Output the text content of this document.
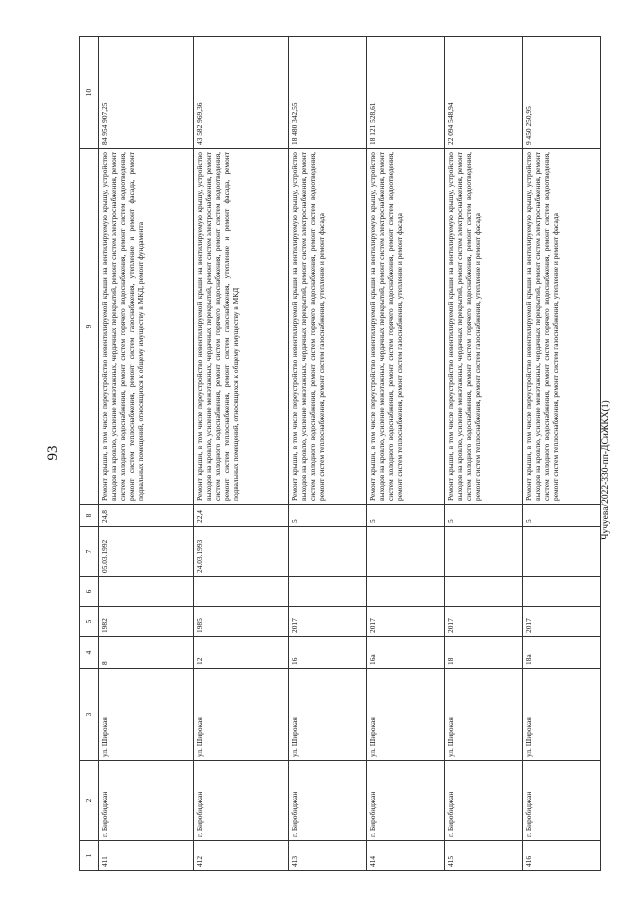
93	Чучуева/2022-330-пп-ДСиЖКХ(1)
1	2	3	4	5	6	7	8	9	10
411	г. Биробиджан	ул. Широкая	8	1982		05.03.1992	24,8	Ремонт крыши, в том числе переустройство невентилируемой крыши на вентилируемую крышу, устройство выходов на кровлю, усиление межэтажных, чердачных перекрытий, ремонт систем электроснабжения, ремонт систем холодного водоснабжения, ремонт систем горячего водоснабжения, ремонт систем водоотведения, ремонт систем теплоснабжения, ремонт систем газоснабжения, утепление и ремонт фасада, ремонт подвальных помещений, относящихся к общему имуществу в МКД, ремонт фундамента	84 954 907,25
412	г. Биробиджан	ул. Широкая	12	1985		24.03.1993	22,4	Ремонт крыши, в том числе переустройство невентилируемой крыши на вентилируемую крышу, устройство выходов на кровлю, усиление межэтажных, чердачных перекрытий, ремонт систем электроснабжения, ремонт систем холодного водоснабжения, ремонт систем горячего водоснабжения, ремонт систем водоотведения, ремонт систем теплоснабжения, ремонт систем газоснабжения, утепление и ремонт фасада, ремонт подвальных помещений, относящихся к общему имуществу в МКД	43 582 969,36
413	г. Биробиджан	ул. Широкая	16	2017			5	Ремонт крыши, в том числе переустройство невентилируемой крыши на вентилируемую крышу, устройство выходов на кровлю, усиление межэтажных, чердачных перекрытий, ремонт систем электроснабжения, ремонт систем холодного водоснабжения, ремонт систем горячего водоснабжения, ремонт систем водоотведения, ремонт систем теплоснабжения, ремонт систем газоснабжения, утепление и ремонт фасада	18 480 342,55
414	г. Биробиджан	ул. Широкая	16а	2017			5	Ремонт крыши, в том числе переустройство невентилируемой крыши на вентилируемую крышу, устройство выходов на кровлю, усиление межэтажных, чердачных перекрытий, ремонт систем электроснабжения, ремонт систем холодного водоснабжения, ремонт систем горячего водоснабжения, ремонт систем водоотведения, ремонт систем теплоснабжения, ремонт систем газоснабжения, утепление и ремонт фасада	18 121 528,61
415	г. Биробиджан	ул. Широкая	18	2017			5	Ремонт крыши, в том числе переустройство невентилируемой крыши на вентилируемую крышу, устройство выходов на кровлю, усиление межэтажных, чердачных перекрытий, ремонт систем электроснабжения, ремонт систем холодного водоснабжения, ремонт систем горячего водоснабжения, ремонт систем водоотведения, ремонт систем теплоснабжения, ремонт систем газоснабжения, утепление и ремонт фасада	22 094 548,94
416	г. Биробиджан	ул. Широкая	18а	2017			5	Ремонт крыши, в том числе переустройство невентилируемой крыши на вентилируемую крышу, устройство выходов на кровлю, усиление межэтажных, чердачных перекрытий, ремонт систем электроснабжения, ремонт систем холодного водоснабжения, ремонт систем горячего водоснабжения, ремонт систем водоотведения, ремонт систем теплоснабжения, ремонт систем газоснабжения, утепление и ремонт фасада	9 450 250,95
